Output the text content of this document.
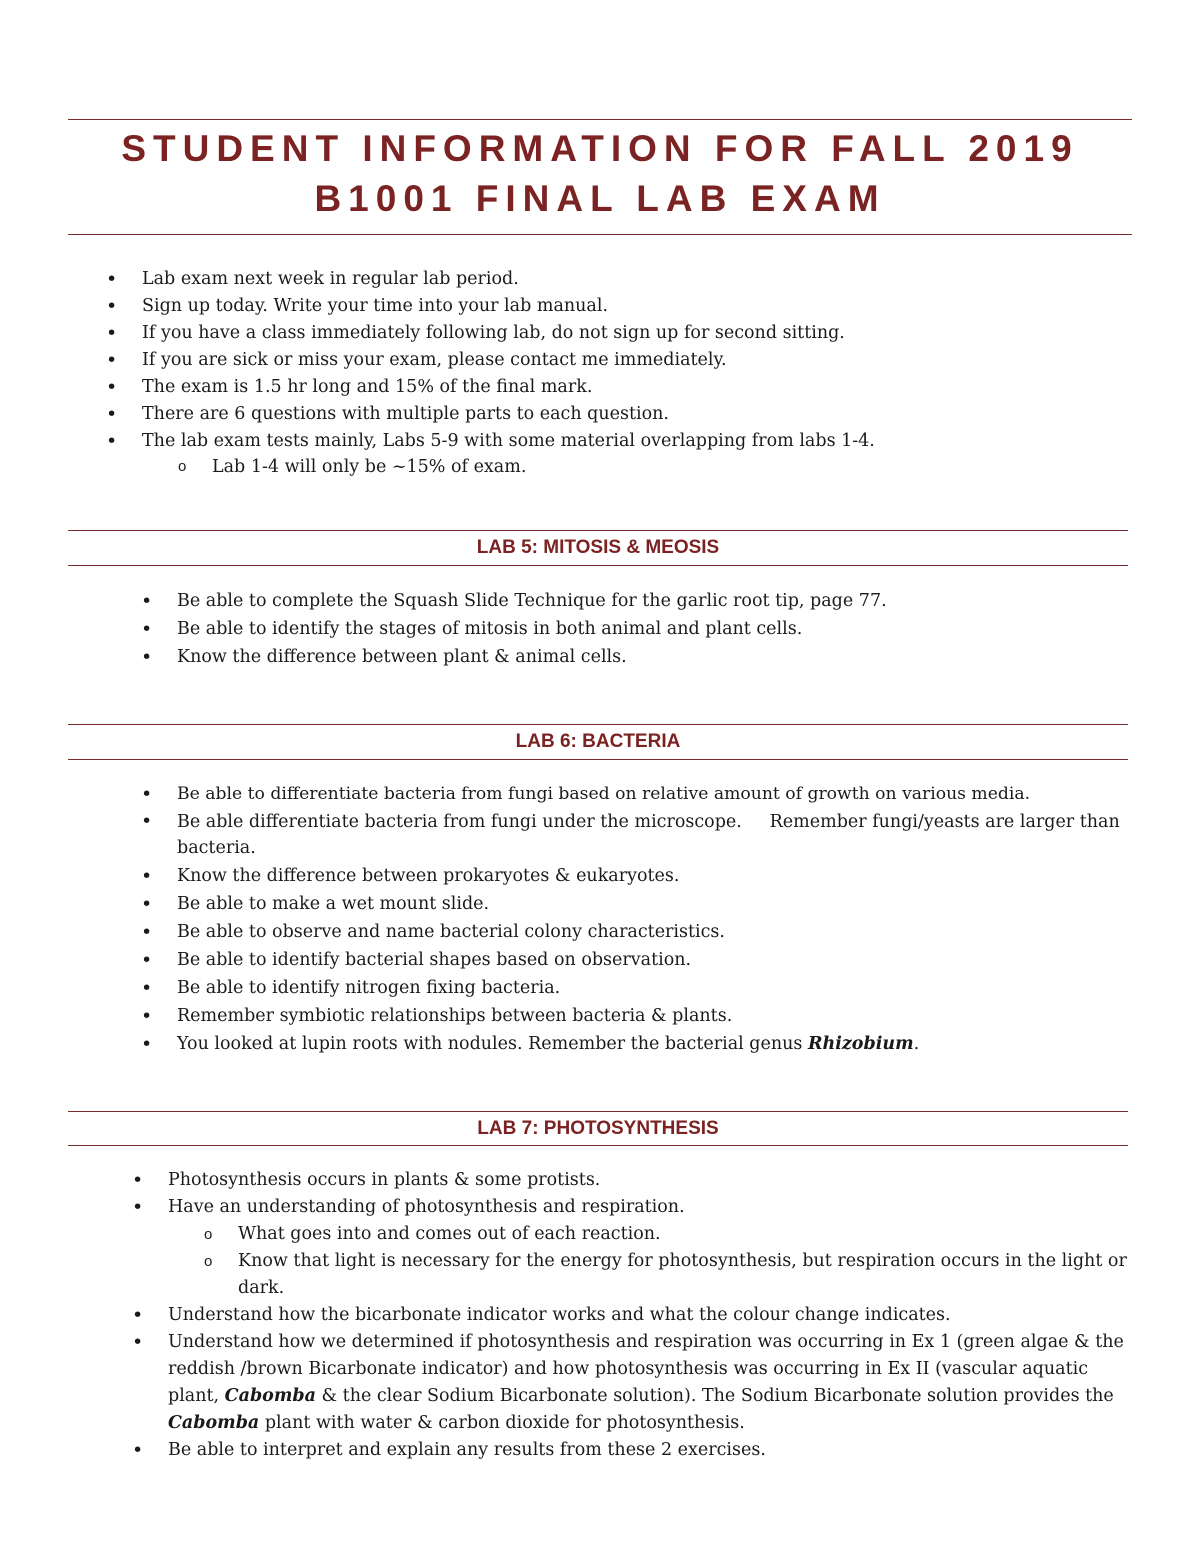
STUDENT INFORMATION FOR FALL 2019
B1001 FINAL LAB EXAM
• Lab exam next week in regular lab period.
• Sign up today. Write your time into your lab manual.
• If you have a class immediately following lab, do not sign up for second sitting.
• If you are sick or miss your exam, please contact me immediately.
• The exam is 1.5 hr long and 15% of the final mark.
• There are 6 questions with multiple parts to each question.
• The lab exam tests mainly, Labs 5-9 with some material overlapping from labs 1-4.
o Lab 1-4 will only be ~15% of exam.
LAB 5: MITOSIS & MEOSIS
• Be able to complete the Squash Slide Technique for the garlic root tip, page 77.
• Be able to identify the stages of mitosis in both animal and plant cells.
• Know the difference between plant & animal cells.
LAB 6: BACTERIA
• Be able to differentiate bacteria from fungi based on relative amount of growth on various media.
• Be able differentiate bacteria from fungi under the microscope.     Remember fungi/yeasts are larger than bacteria.
• Know the difference between prokaryotes & eukaryotes.
• Be able to make a wet mount slide.
• Be able to observe and name bacterial colony characteristics.
• Be able to identify bacterial shapes based on observation.
• Be able to identify nitrogen fixing bacteria.
• Remember symbiotic relationships between bacteria & plants.
• You looked at lupin roots with nodules. Remember the bacterial genus Rhizobium.
LAB 7: PHOTOSYNTHESIS
• Photosynthesis occurs in plants & some protists.
• Have an understanding of photosynthesis and respiration.
o What goes into and comes out of each reaction.
o Know that light is necessary for the energy for photosynthesis, but respiration occurs in the light or dark.
• Understand how the bicarbonate indicator works and what the colour change indicates.
• Understand how we determined if photosynthesis and respiration was occurring in Ex 1 (green algae & the reddish /brown Bicarbonate indicator) and how photosynthesis was occurring in Ex II (vascular aquatic plant, Cabomba & the clear Sodium Bicarbonate solution). The Sodium Bicarbonate solution provides the Cabomba plant with water & carbon dioxide for photosynthesis.
• Be able to interpret and explain any results from these 2 exercises.
